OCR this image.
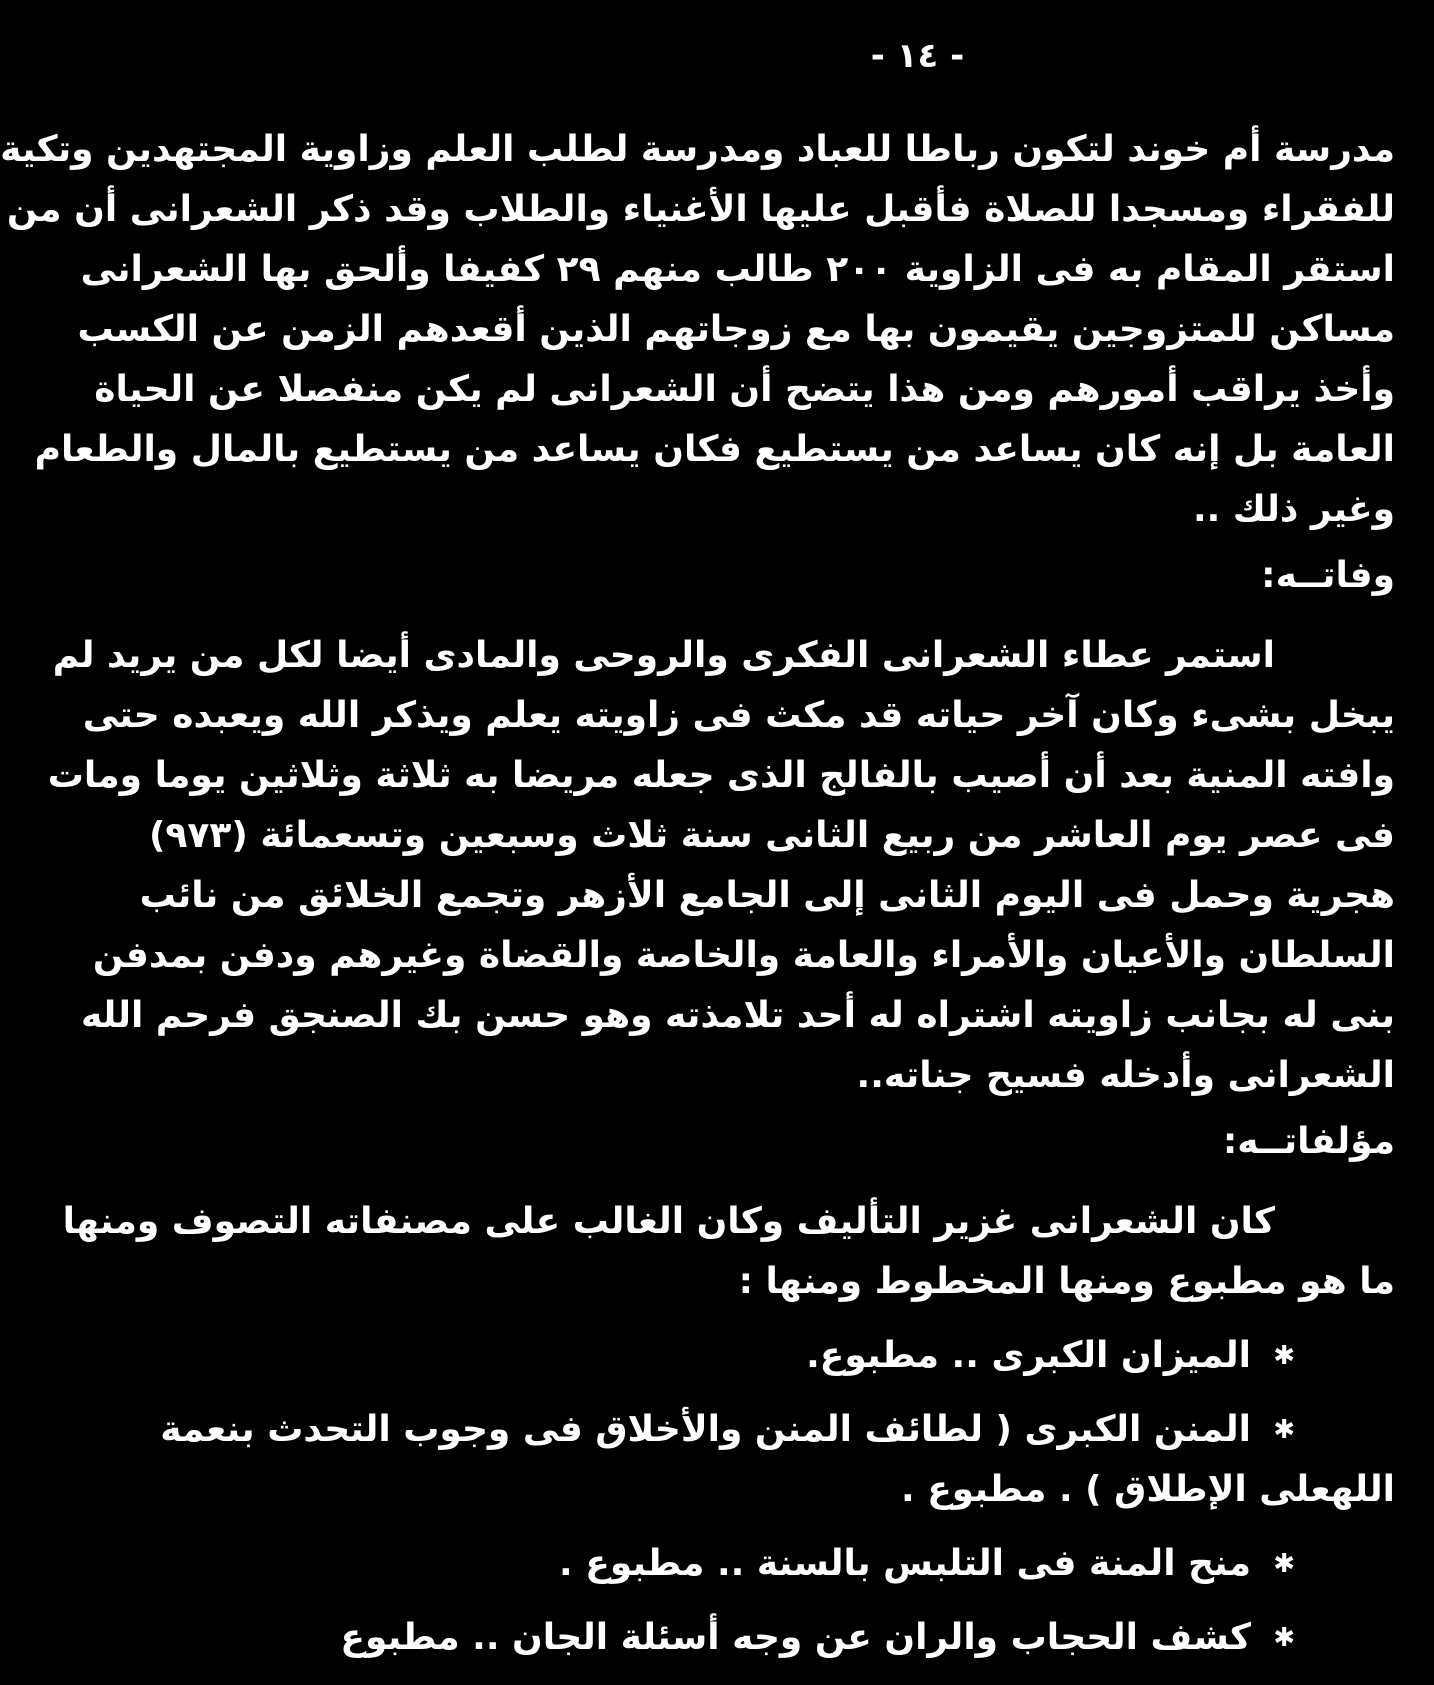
- ١٤ -

مدرسة أم خوند لتكون رباطا للعباد ومدرسة لطلب العلم وزاوية المجتهدين وتكية

للفقراء ومسجدا للصلاة فأقبل عليها الأغنياء والطلاب وقد ذكر الشعرانى أن من

استقر المقام به فى الزاوية ٢٠٠ طالب منهم ٢٩ كفيفا وألحق بها الشعرانى

مساكن للمتزوجين يقيمون بها مع زوجاتهم الذين أقعدهم الزمن عن الكسب

وأخذ يراقب أمورهم ومن هذا يتضح أن الشعرانى لم يكن منفصلا عن الحياة

العامة بل إنه كان يساعد من يستطيع فكان يساعد من يستطيع بالمال والطعام

وغير ذلك ..

وفاتــه:

استمر عطاء الشعرانى الفكرى والروحى والمادى أيضا لكل من يريد لم

يبخل بشىء وكان آخر حياته قد مكث فى زاويته يعلم ويذكر الله ويعبده حتى

وافته المنية بعد أن أصيب بالفالج الذى جعله مريضا به ثلاثة وثلاثين يوما ومات

فى عصر يوم العاشر من ربيع الثانى سنة ثلاث وسبعين وتسعمائة (٩٧٣)

هجرية وحمل فى اليوم الثانى إلى الجامع الأزهر وتجمع الخلائق من نائب

السلطان والأعيان والأمراء والعامة والخاصة والقضاة وغيرهم ودفن بمدفن

بنى له بجانب زاويته اشتراه له أحد تلامذته وهو حسن بك الصنجق فرحم الله

الشعرانى وأدخله فسيح جناته..

مؤلفاتــه:

كان الشعرانى غزير التأليف وكان الغالب على مصنفاته التصوف ومنها

ما هو مطبوع ومنها المخطوط ومنها :

✱
الميزان الكبرى .. مطبوع.
✱
المنن الكبرى ( لطائف المنن والأخلاق فى وجوب التحدث بنعمة
اللهعلى الإطلاق ) . مطبوع .
✱
منح المنة فى التلبس بالسنة .. مطبوع .
✱
كشف الحجاب والران عن وجه أسئلة الجان .. مطبوع
